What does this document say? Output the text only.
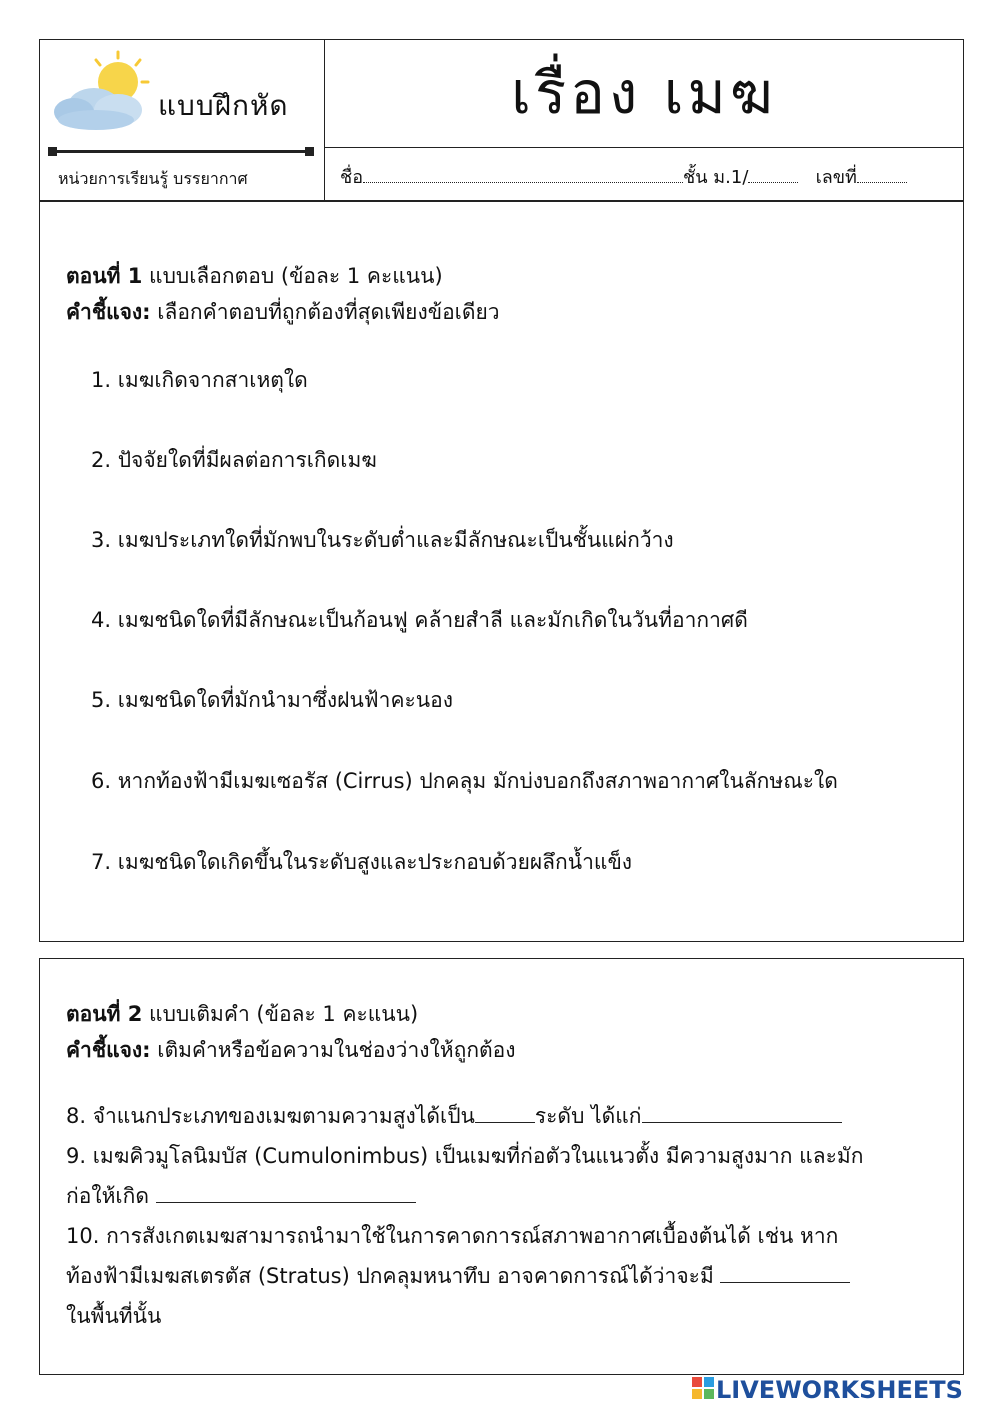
แบบฝึกหัด
หน่วยการเรียนรู้ บรรยากาศ
เรื่อง เมฆ
ชื่อ	ชั้น ม.1/	เลขที่
ตอนที่ 1 แบบเลือกตอบ (ข้อละ 1 คะแนน)
คำชี้แจง: เลือกคำตอบที่ถูกต้องที่สุดเพียงข้อเดียว
1. เมฆเกิดจากสาเหตุใด
2. ปัจจัยใดที่มีผลต่อการเกิดเมฆ
3. เมฆประเภทใดที่มักพบในระดับต่ำและมีลักษณะเป็นชั้นแผ่กว้าง
4. เมฆชนิดใดที่มีลักษณะเป็นก้อนฟู คล้ายสำลี และมักเกิดในวันที่อากาศดี
5. เมฆชนิดใดที่มักนำมาซึ่งฝนฟ้าคะนอง
6. หากท้องฟ้ามีเมฆเซอรัส (Cirrus) ปกคลุม มักบ่งบอกถึงสภาพอากาศในลักษณะใด
7. เมฆชนิดใดเกิดขึ้นในระดับสูงและประกอบด้วยผลึกน้ำแข็ง
ตอนที่ 2 แบบเติมคำ (ข้อละ 1 คะแนน)
คำชี้แจง: เติมคำหรือข้อความในช่องว่างให้ถูกต้อง
8. จำแนกประเภทของเมฆตามความสูงได้เป็น	ระดับ ได้แก่
9. เมฆคิวมูโลนิมบัส (Cumulonimbus) เป็นเมฆที่ก่อตัวในแนวตั้ง มีความสูงมาก และมัก
ก่อให้เกิด
10. การสังเกตเมฆสามารถนำมาใช้ในการคาดการณ์สภาพอากาศเบื้องต้นได้ เช่น หาก
ท้องฟ้ามีเมฆสเตรตัส (Stratus) ปกคลุมหนาทึบ อาจคาดการณ์ได้ว่าจะมี
ในพื้นที่นั้น
LIVEWORKSHEETS
